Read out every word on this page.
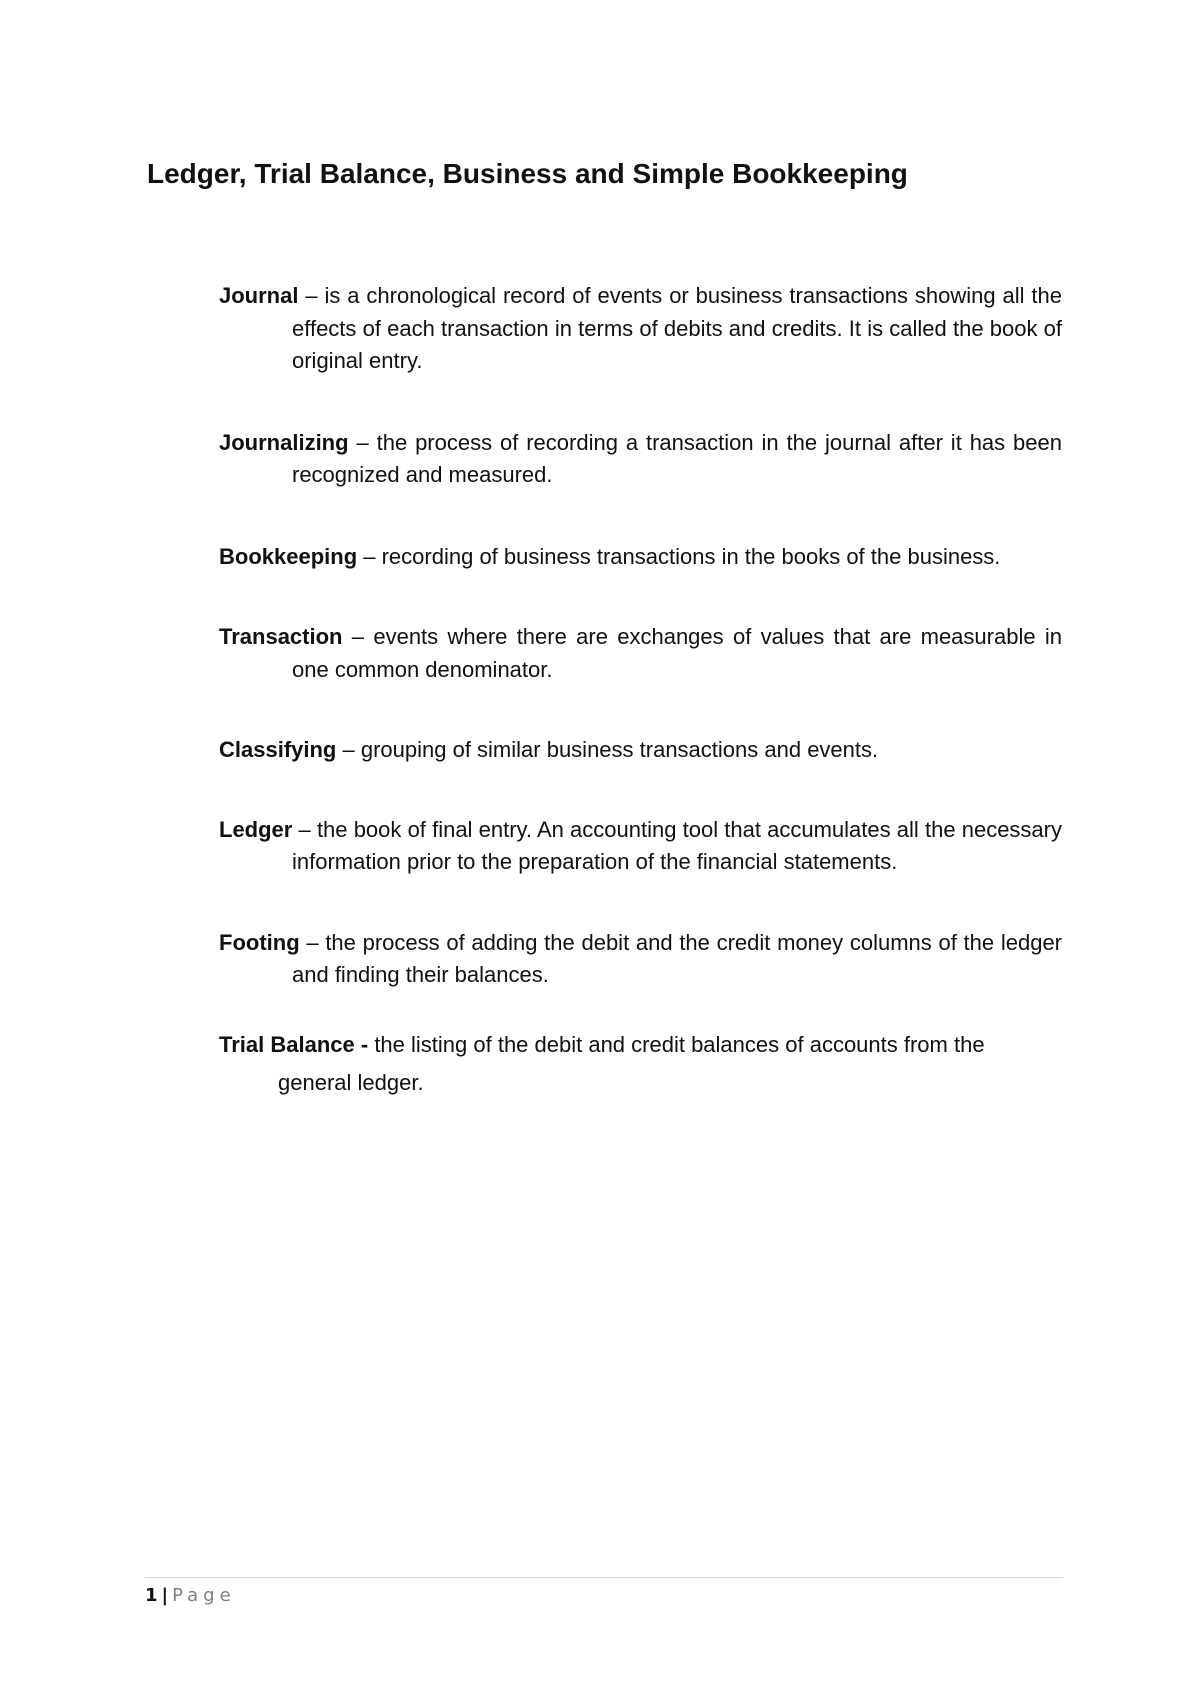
Ledger, Trial Balance, Business and Simple Bookkeeping

Journal – is a chronological record of events or business transactions showing all the effects of each transaction in terms of debits and credits. It is called the book of original entry.

Journalizing – the process of recording a transaction in the journal after it has been recognized and measured.

Bookkeeping – recording of business transactions in the books of the business.

Transaction – events where there are exchanges of values that are measurable in one common denominator.

Classifying – grouping of similar business transactions and events.

Ledger – the book of final entry. An accounting tool that accumulates all the necessary information prior to the preparation of the financial statements.

Footing – the process of adding the debit and the credit money columns of the ledger and finding their balances.

Trial Balance - the listing of the debit and credit balances of accounts from the general ledger.

1 | Page
